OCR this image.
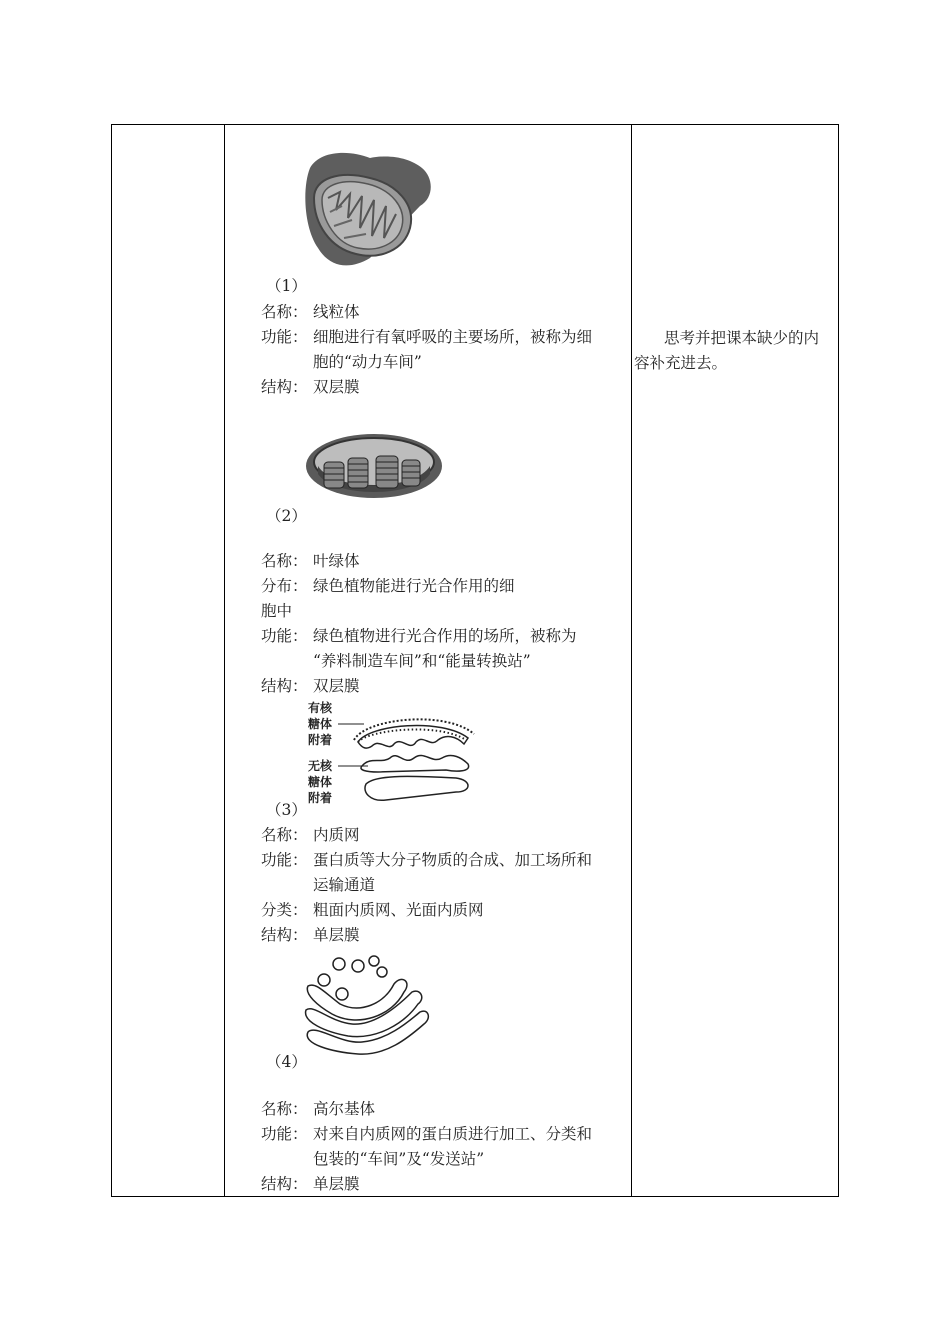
（1）
名称： 线粒体
功能： 细胞进行有氧呼吸的主要场所，被称为细
胞的“动力车间”
结构： 双层膜
（2）
名称： 叶绿体
分布： 绿色植物能进行光合作用的细
胞中
功能： 绿色植物进行光合作用的场所，被称为
“养料制造车间”和“能量转换站”
结构： 双层膜
有核
糖体
附着
无核
糖体
附着
（3）
名称： 内质网
功能： 蛋白质等大分子物质的合成、加工场所和
运输通道
分类： 粗面内质网、光面内质网
结构： 单层膜
（4）
名称： 高尔基体
功能： 对来自内质网的蛋白质进行加工、分类和
包装的“车间”及“发送站”
结构： 单层膜
思考并把课本缺少的内容补充进去。
